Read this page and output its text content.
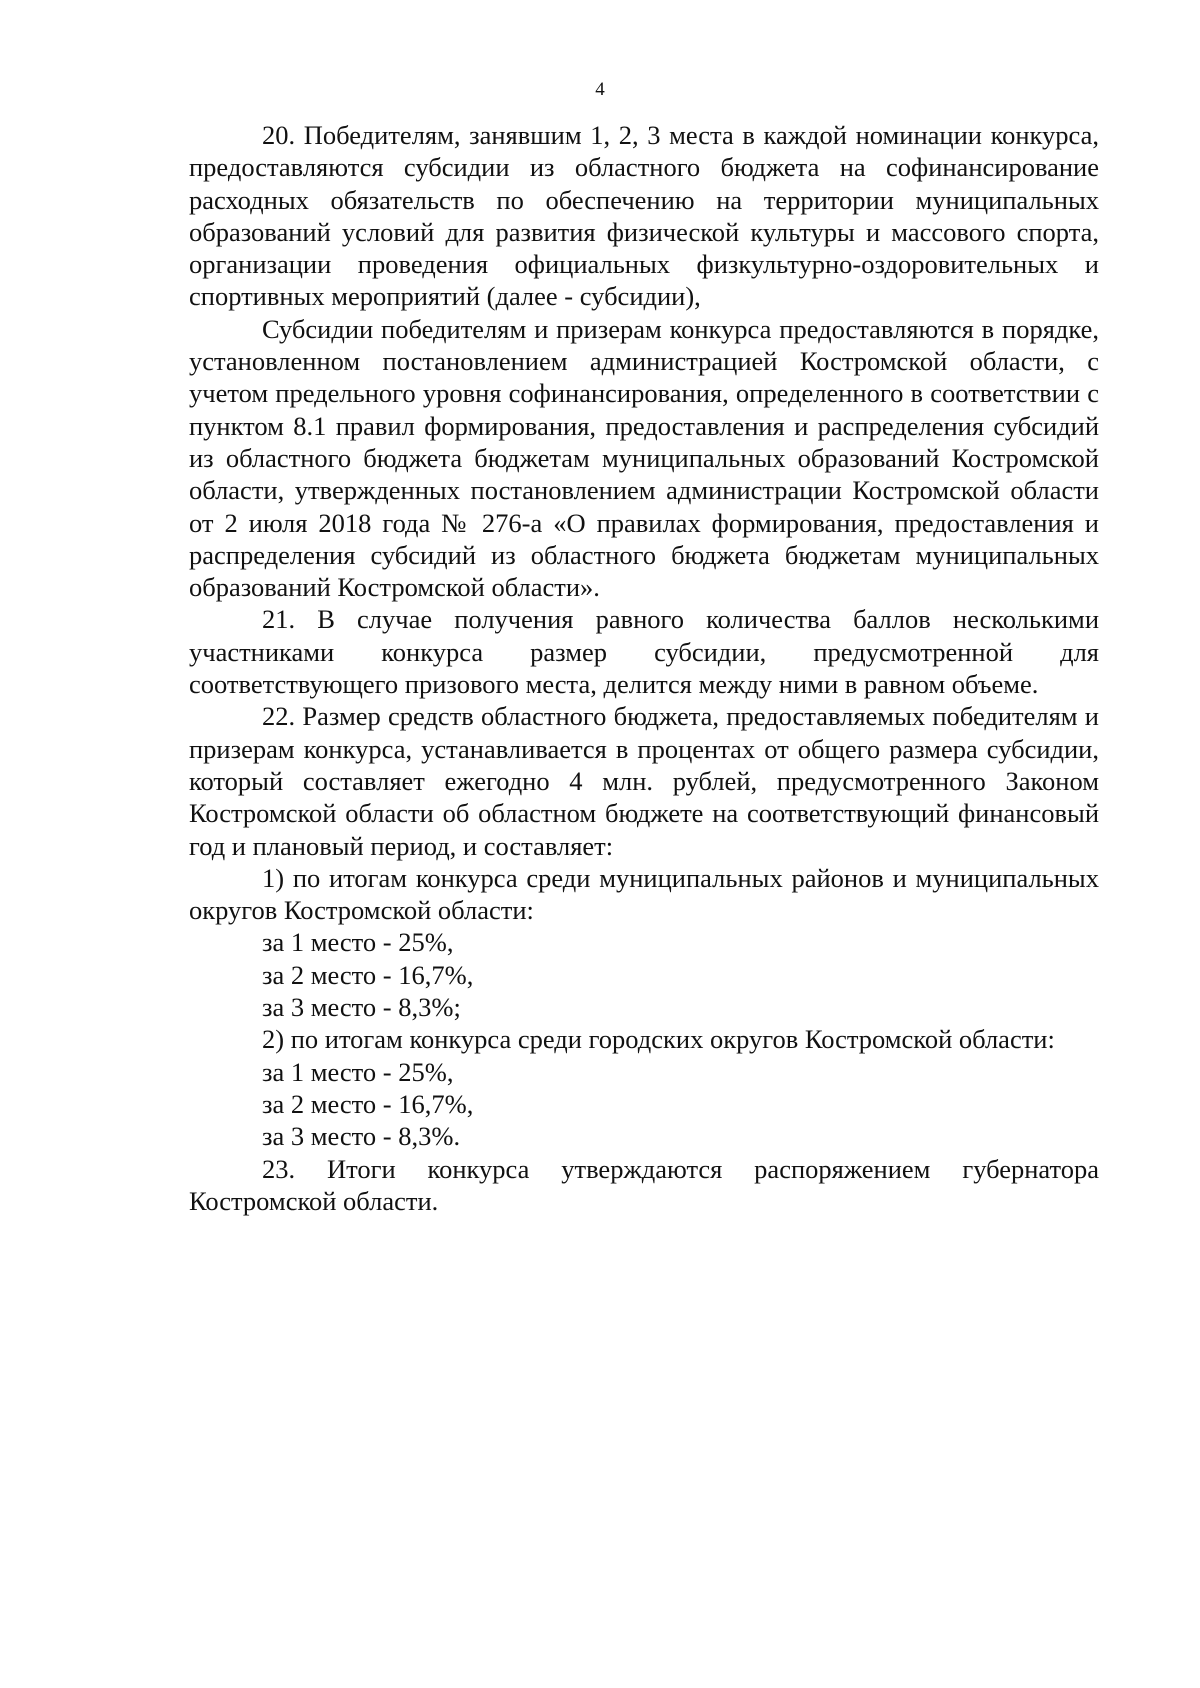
4

20. Победителям, занявшим 1, 2, 3 места в каждой номинации конкурса, предоставляются субсидии из областного бюджета на софинансирование расходных обязательств по обеспечению на территории муниципальных образований условий для развития физической культуры и массового спорта, организации проведения официальных физкультурно-оздоровительных и спортивных мероприятий (далее - субсидии),

Субсидии победителям и призерам конкурса предоставляются в порядке, установленном постановлением администрацией Костромской области, с учетом предельного уровня софинансирования, определенного в соответствии с пунктом 8.1 правил формирования, предоставления и распределения субсидий из областного бюджета бюджетам муниципальных образований Костромской области, утвержденных постановлением администрации Костромской области от 2 июля 2018 года № 276-а «О правилах формирования, предоставления и распределения субсидий из областного бюджета бюджетам муниципальных образований Костромской области».

21. В случае получения равного количества баллов несколькими участниками конкурса размер субсидии, предусмотренной для соответствующего призового места, делится между ними в равном объеме.

22. Размер средств областного бюджета, предоставляемых победителям и призерам конкурса, устанавливается в процентах от общего размера субсидии, который составляет ежегодно 4 млн. рублей, предусмотренного Законом Костромской области об областном бюджете на соответствующий финансовый год и плановый период, и составляет:

1) по итогам конкурса среди муниципальных районов и муниципальных округов Костромской области:

за 1 место - 25%,

за 2 место - 16,7%,

за 3 место - 8,3%;

2) по итогам конкурса среди городских округов Костромской области:

за 1 место - 25%,

за 2 место - 16,7%,

за 3 место - 8,3%.

23. Итоги конкурса утверждаются распоряжением губернатора Костромской области.
